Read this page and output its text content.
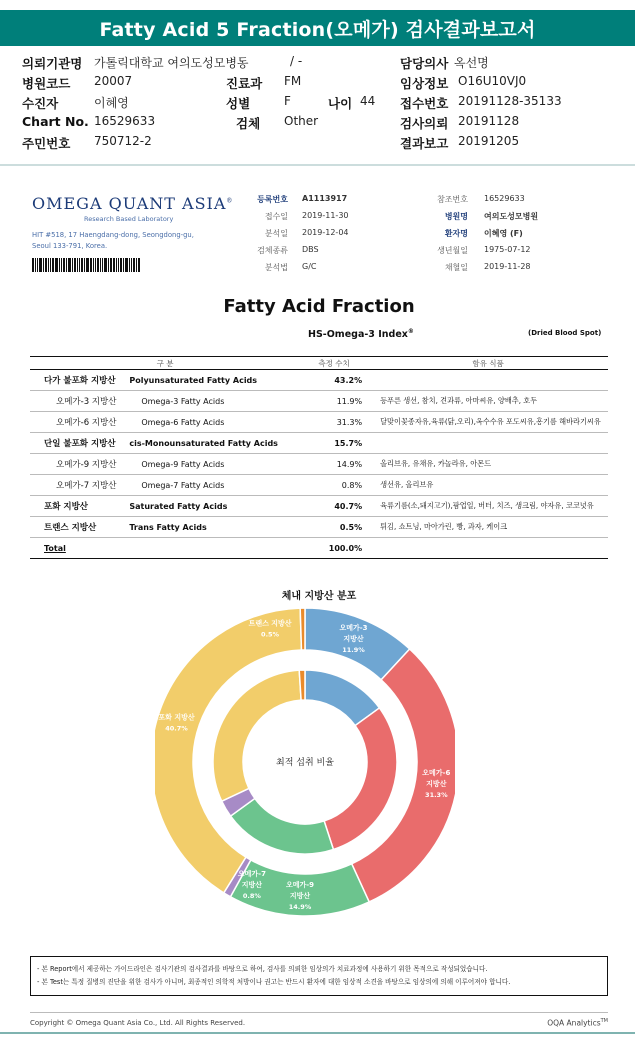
Fatty Acid 5 Fraction(오메가) 검사결과보고서
의뢰기관명 가톨릭대학교 여의도성모병동	/ -	담당의사 옥선명
병원코드 20007	진료과 FM	임상정보 O16U10VJ0
수진자	이혜영	성별	F	나이 44 접수번호 20191128-35133
Chart No. 16529633	검체 Other	검사의뢰 20191128
주민번호 750712-2	결과보고 20191205
OMEGA QUANT ASIA®
Research Based Laboratory
HIT #518, 17 Haengdang-dong, Seongdong-gu,
Seoul 133-791, Korea.
등록번호 A1113917
접수일 2019-11-30
분석일 2019-12-04
검체종류 DBS
분석법 G/C
참조번호 16529633
병원명 여의도성모병원
환자명 이혜영 (F)
생년월일 1975-07-12
채혈일 2019-11-28
Fatty Acid Fraction
HS-Omega-3 Index®	(Dried Blood Spot)
구 분		측정 수치	함유 식품
다가 불포화 지방산	Polyunsaturated Fatty Acids	43.2%	
오메가-3 지방산	Omega-3 Fatty Acids	11.9%	등푸른 생선, 참치, 견과류, 아마씨유, 양배추, 호두
오메가-6 지방산	Omega-6 Fatty Acids	31.3%	달맞이꽃종자유,육류(닭,오리),옥수수유 포도씨유,흥기름 해바라기씨유
단일 불포화 지방산	cis-Monounsaturated Fatty Acids	15.7%	
오메가-9 지방산	Omega-9 Fatty Acids	14.9%	올리브유, 유채유, 카놀라유, 아몬드
오메가-7 지방산	Omega-7 Fatty Acids	0.8%	생선유, 올리브유
포화 지방산	Saturated Fatty Acids	40.7%	육류기름(소,돼지고기),팜업일, 버터, 치즈, 생크림, 야자유, 코코넛유
트랜스 지방산	Trans Fatty Acids	0.5%	튀김, 쇼트닝, 마아가린, 빵, 과자, 케이크
Total		100.0%	
체내 지방산 분포
최적 섭취 비율
오메가-3
지방산
11.9%
오메가-6
지방산
31.3%
오메가-9
지방산
14.9%
오메가-7
지방산
0.8%
포화 지방산
40.7%
트랜스 지방산
0.5%
- 본 Report에서 제공하는 가이드라인은 검사기관의 검사결과를 바탕으로 하여, 검사를 의뢰한 임상의가 치료과정에 사용하기 위한 목적으로 작성되었습니다.
- 본 Test는 특정 질병의 진단을 위한 검사가 아니며, 최종적인 의학적 처방이나 권고는 반드시 환자에 대한 임상적 소견을 바탕으로 임상의에 의해 이루어져야 합니다.
Copyright © Omega Quant Asia Co., Ltd. All Rights Reserved.	OQA Analytics™
